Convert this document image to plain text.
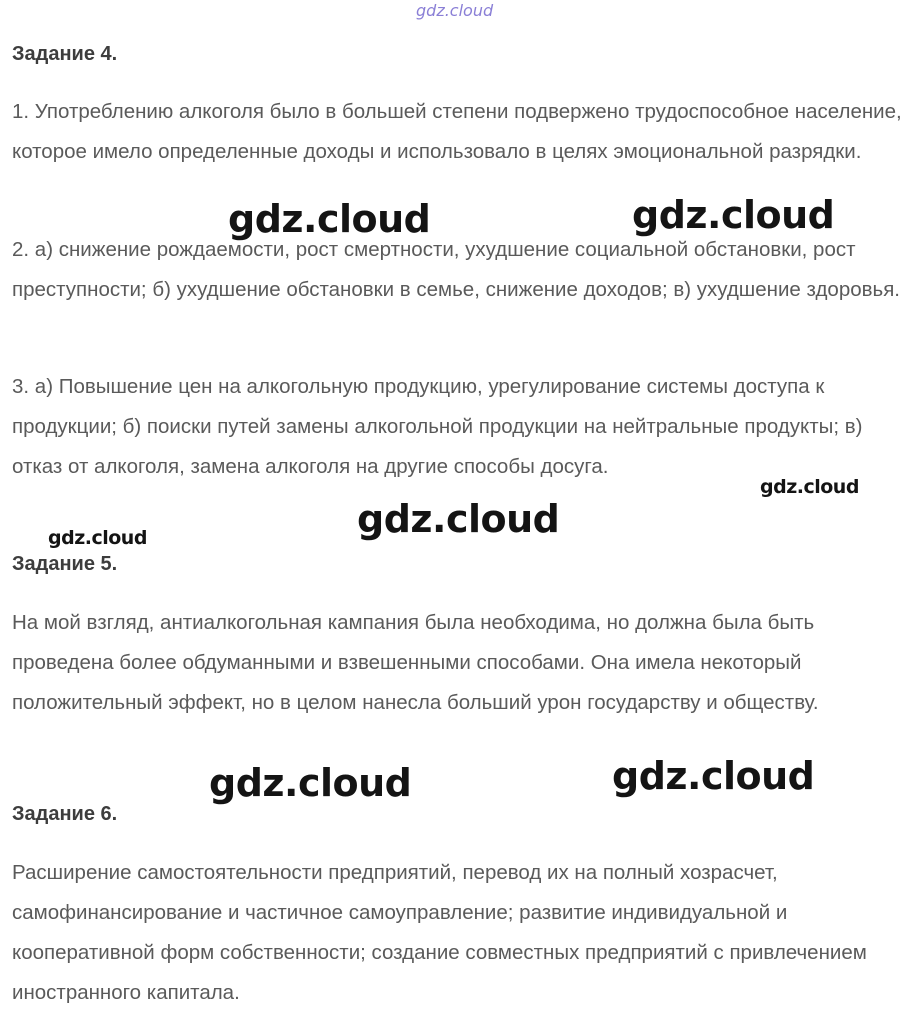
gdz.cloud
Задание 4.

1. Употреблению алкоголя было в большей степени подвержено трудоспособное население, которое имело определенные доходы и использовало в целях эмоциональной разрядки.

2. а) снижение рождаемости, рост смертности, ухудшение социальной обстановки, рост преступности; б) ухудшение обстановки в семье, снижение доходов; в) ухудшение здоровья.

3. а) Повышение цен на алкогольную продукцию, урегулирование системы доступа к продукции; б) поиски путей замены алкогольной продукции на нейтральные продукты; в) отказ от алкоголя, замена алкоголя на другие способы досуга.

Задание 5.

На мой взгляд, антиалкогольная кампания была необходима, но должна была быть проведена более обдуманными и взвешенными способами. Она имела некоторый положительный эффект, но в целом нанесла больший урон государству и обществу.

Задание 6.

Расширение самостоятельности предприятий, перевод их на полный хозрасчет, самофинансирование и частичное самоуправление; развитие индивидуальной и кооперативной форм собственности; создание совместных предприятий с привлечением иностранного капитала.

gdz.cloud	gdz.cloud
gdz.cloud
gdz.cloud
gdz.cloud
gdz.cloud	gdz.cloud
